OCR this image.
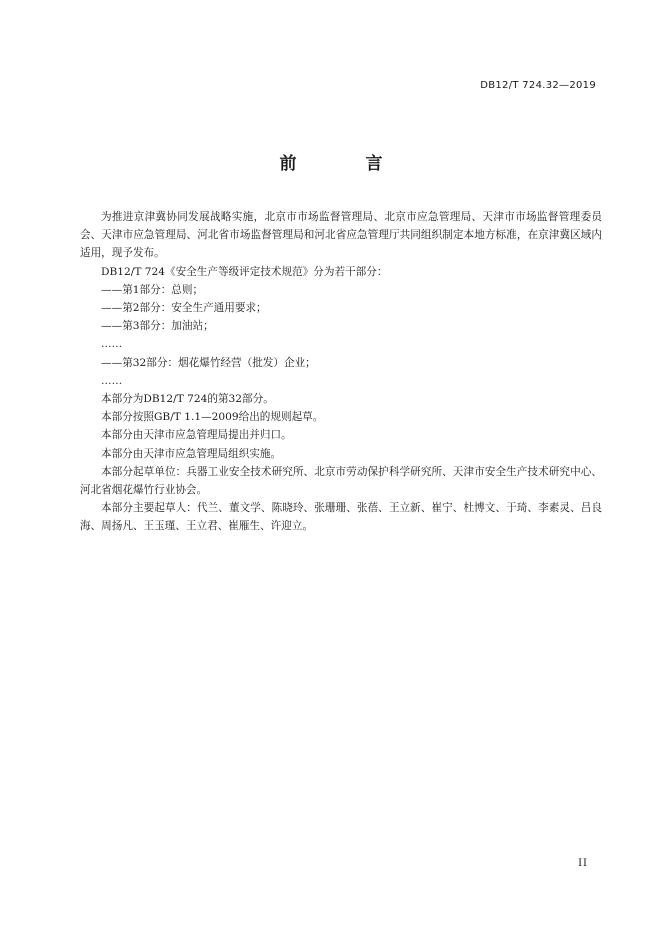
DB12/T 724.32—2019
前　言

为推进京津冀协同发展战略实施，北京市市场监督管理局、北京市应急管理局、天津市市场监督管理委员会、天津市应急管理局、河北省市场监督管理局和河北省应急管理厅共同组织制定本地方标准，在京津冀区域内适用，现予发布。

DB12/T 724《安全生产等级评定技术规范》分为若干部分：

——第1部分：总则；

——第2部分：安全生产通用要求；

——第3部分：加油站；

……

——第32部分：烟花爆竹经营（批发）企业；

……

本部分为DB12/T 724的第32部分。

本部分按照GB/T 1.1—2009给出的规则起草。

本部分由天津市应急管理局提出并归口。

本部分由天津市应急管理局组织实施。

本部分起草单位：兵器工业安全技术研究所、北京市劳动保护科学研究所、天津市安全生产技术研究中心、河北省烟花爆竹行业协会。

本部分主要起草人：代兰、董文学、陈晓玲、张珊珊、张蓓、王立新、崔宁、杜博文、于琦、李素灵、吕良海、周扬凡、王玉瑾、王立君、崔雁生、许迎立。

II
